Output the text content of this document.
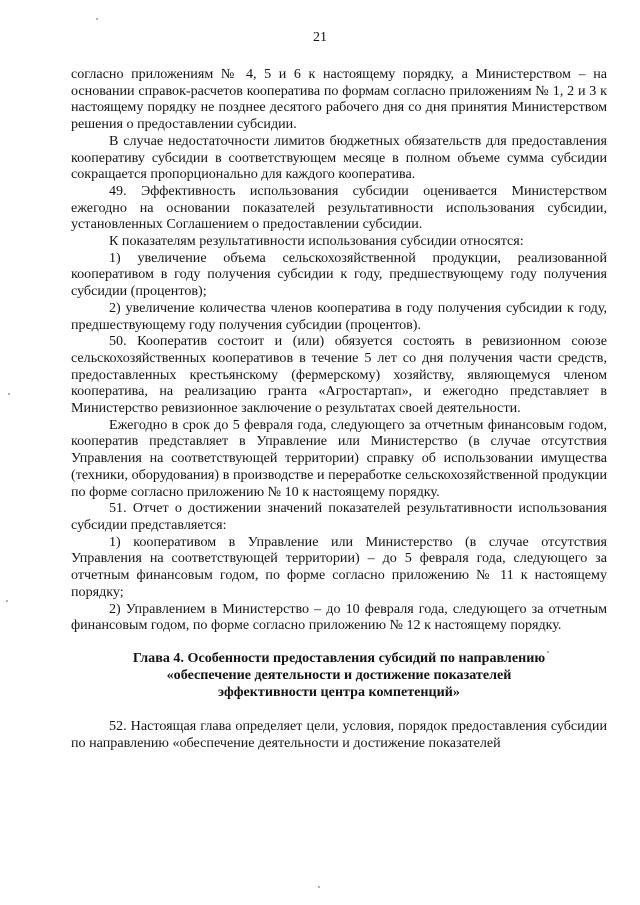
21

согласно приложениям № 4, 5 и 6 к настоящему порядку, а Министерством – на основании справок-расчетов кооператива по формам согласно приложениям № 1, 2 и 3 к настоящему порядку не позднее десятого рабочего дня со дня принятия Министерством решения о предоставлении субсидии.

В случае недостаточности лимитов бюджетных обязательств для предоставления кооперативу субсидии в соответствующем месяце в полном объеме сумма субсидии сокращается пропорционально для каждого кооператива.

49. Эффективность использования субсидии оценивается Министерством ежегодно на основании показателей результативности использования субсидии, установленных Соглашением о предоставлении субсидии.

К показателям результативности использования субсидии относятся:

1) увеличение объема сельскохозяйственной продукции, реализованной кооперативом в году получения субсидии к году, предшествующему году получения субсидии (процентов);

2) увеличение количества членов кооператива в году получения субсидии к году, предшествующему году получения субсидии (процентов).

50. Кооператив состоит и (или) обязуется состоять в ревизионном союзе сельскохозяйственных кооперативов в течение 5 лет со дня получения части средств, предоставленных крестьянскому (фермерскому) хозяйству, являющемуся членом кооператива, на реализацию гранта «Агростартап», и ежегодно представляет в Министерство ревизионное заключение о результатах своей деятельности.

Ежегодно в срок до 5 февраля года, следующего за отчетным финансовым годом, кооператив представляет в Управление или Министерство (в случае отсутствия Управления на соответствующей территории) справку об использовании имущества (техники, оборудования) в производстве и переработке сельскохозяйственной продукции по форме согласно приложению № 10 к настоящему порядку.

51. Отчет о достижении значений показателей результативности использования субсидии представляется:

1) кооперативом в Управление или Министерство (в случае отсутствия Управления на соответствующей территории) – до 5 февраля года, следующего за отчетным финансовым годом, по форме согласно приложению № 11 к настоящему порядку;

2) Управлением в Министерство – до 10 февраля года, следующего за отчетным финансовым годом, по форме согласно приложению № 12 к настоящему порядку.

Глава 4. Особенности предоставления субсидий по направлению
«обеспечение деятельности и достижение показателей
эффективности центра компетенций»

52. Настоящая глава определяет цели, условия, порядок предоставления субсидии по направлению «обеспечение деятельности и достижение показателей
